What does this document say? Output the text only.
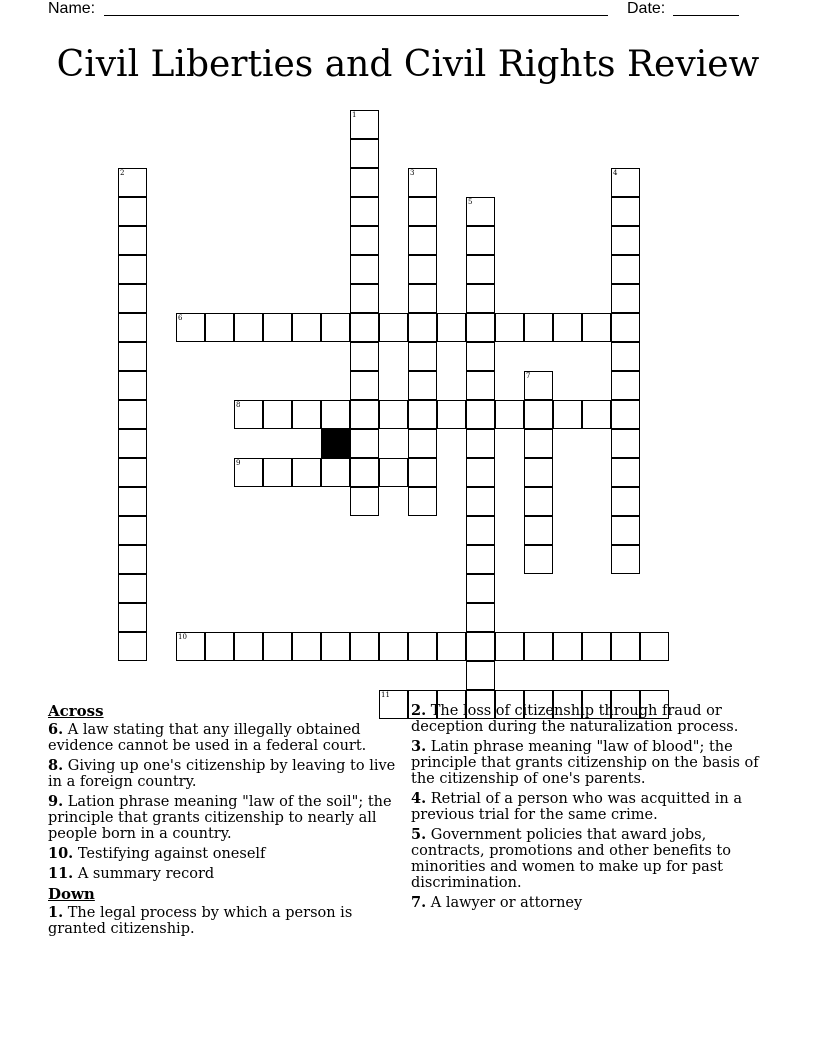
Name:	Date:
Civil Liberties and Civil Rights Review
1
2	3	4
5
6
7
8
9
10
11
Across
6. A law stating that any illegally obtained evidence cannot be used in a federal court.
8. Giving up one's citizenship by leaving to live in a foreign country.
9. Lation phrase meaning "law of the soil"; the principle that grants citizenship to nearly all people born in a country.
10. Testifying against oneself
11. A summary record
Down
1. The legal process by which a person is granted citizenship.
2. The loss of citizenship through fraud or deception during the naturalization process.
3. Latin phrase meaning "law of blood"; the principle that grants citizenship on the basis of the citizenship of one's parents.
4. Retrial of a person who was acquitted in a previous trial for the same crime.
5. Government policies that award jobs, contracts, promotions and other benefits to minorities and women to make up for past discrimination.
7. A lawyer or attorney
